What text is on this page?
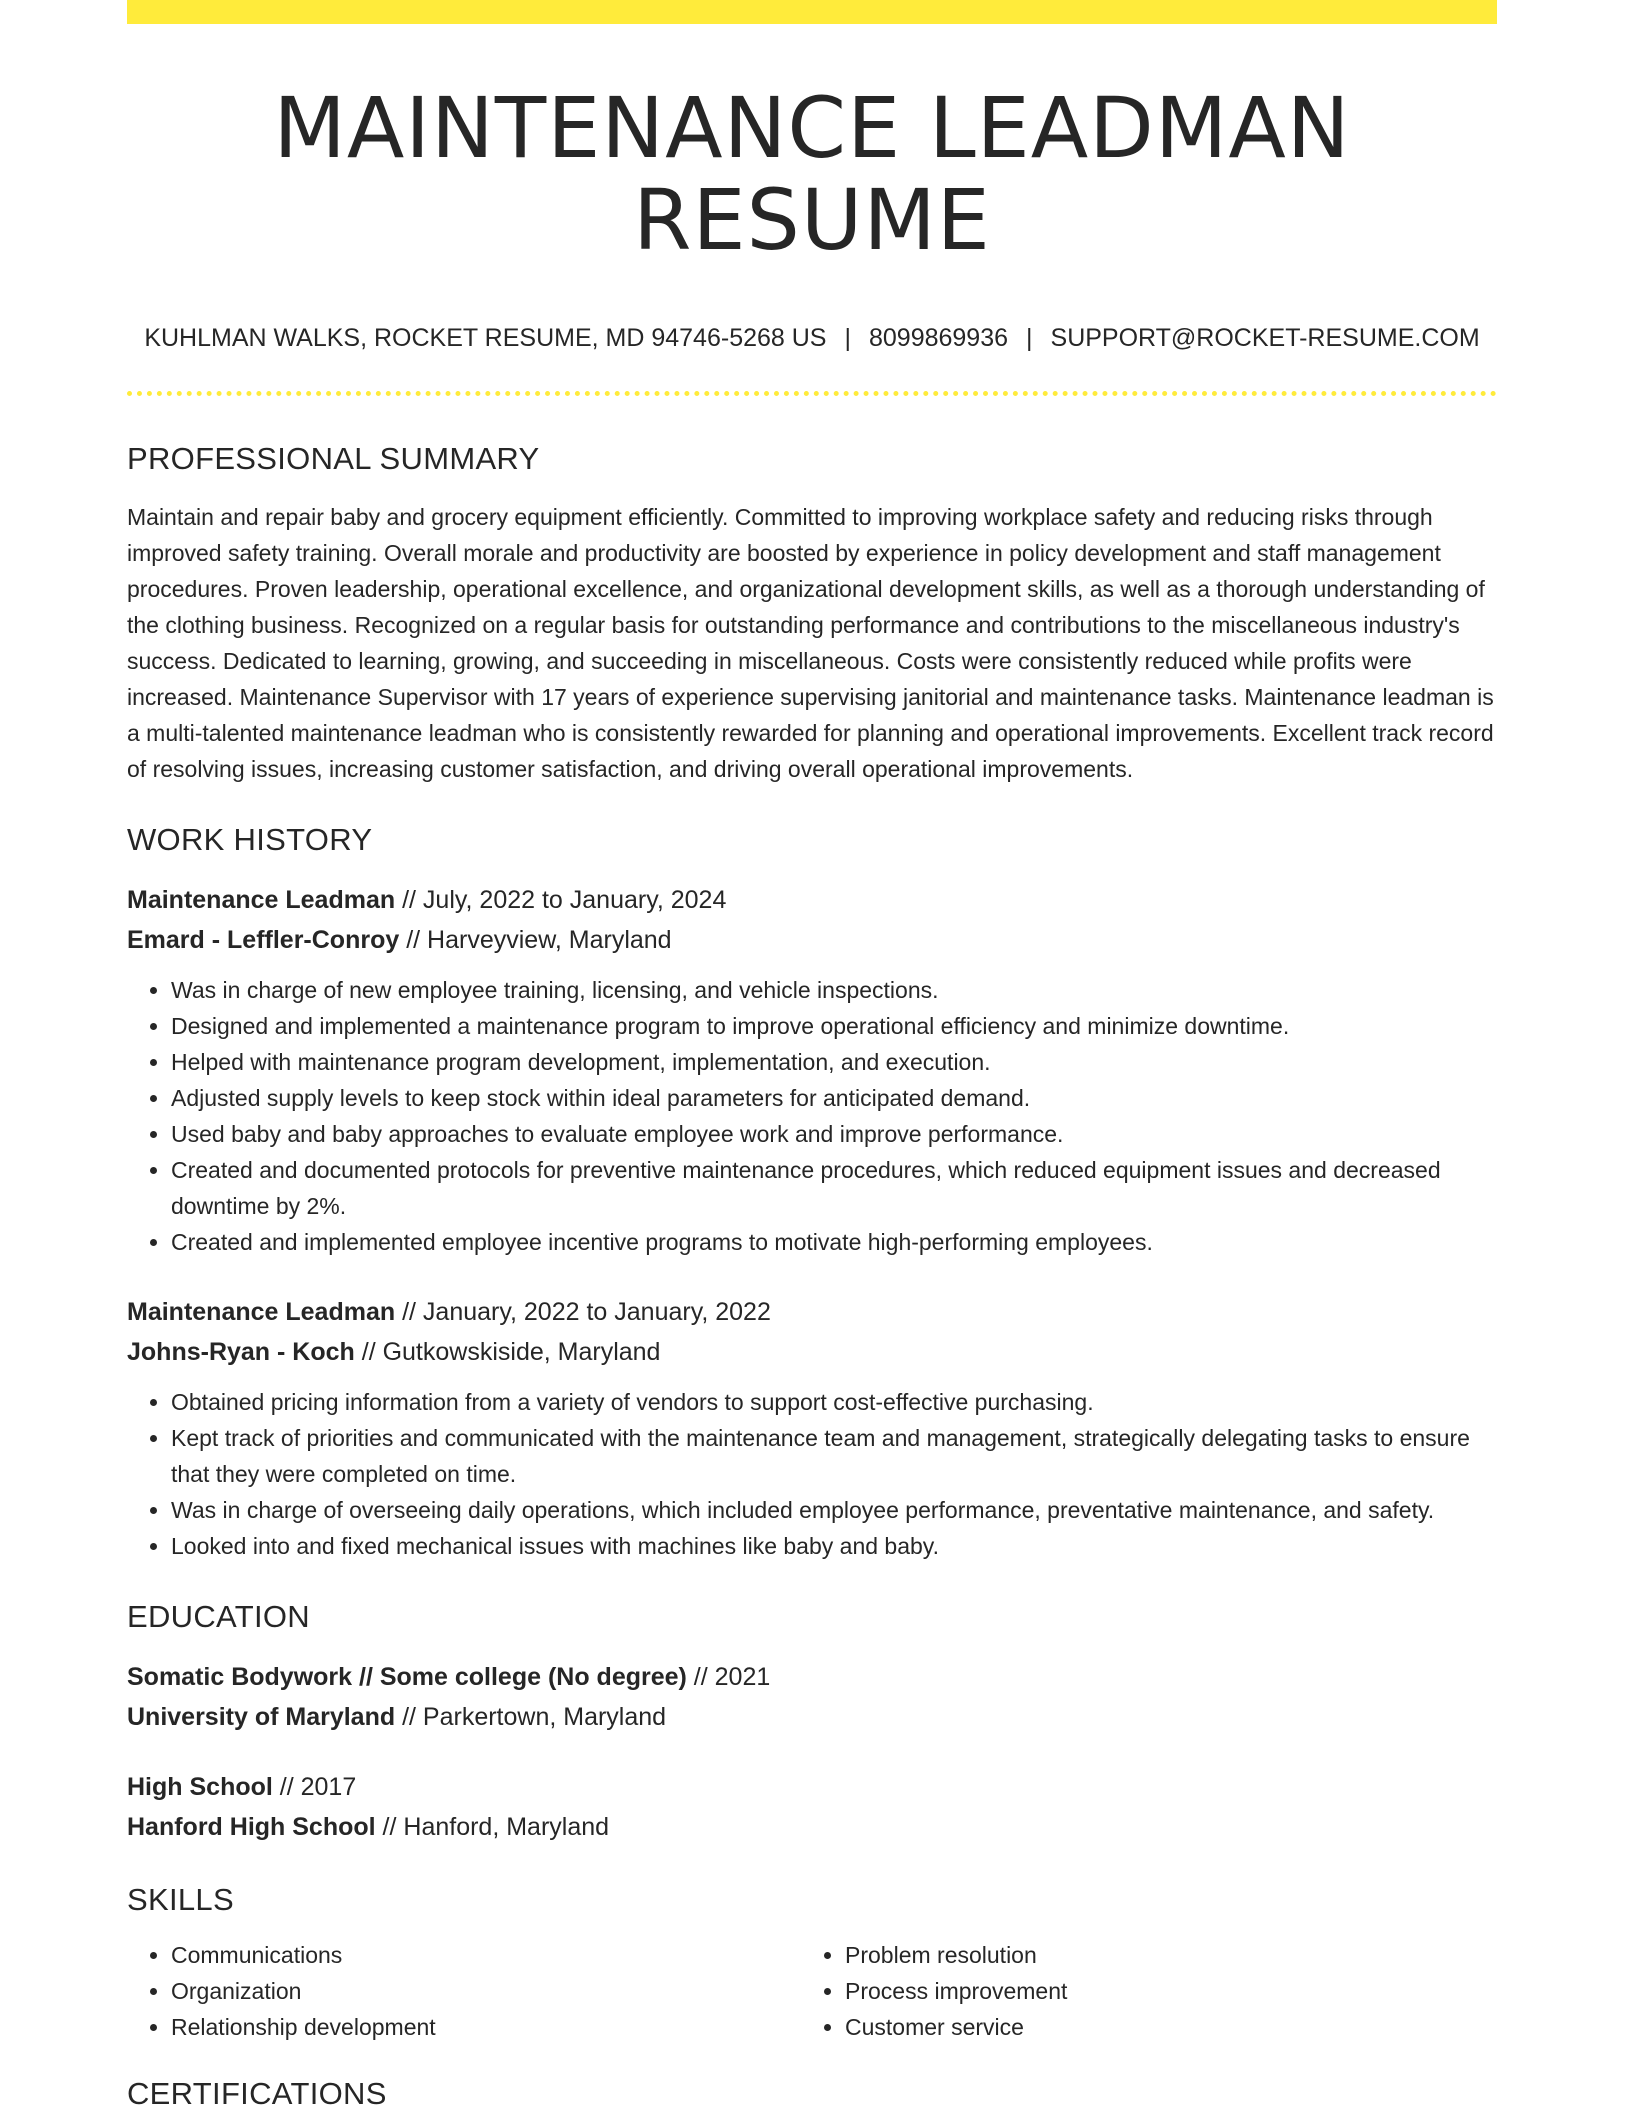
MAINTENANCE LEADMAN RESUME
KUHLMAN WALKS, ROCKET RESUME, MD 94746-5268 US | 8099869936 | SUPPORT@ROCKET-RESUME.COM
PROFESSIONAL SUMMARY
Maintain and repair baby and grocery equipment efficiently. Committed to improving workplace safety and reducing risks through improved safety training. Overall morale and productivity are boosted by experience in policy development and staff management procedures. Proven leadership, operational excellence, and organizational development skills, as well as a thorough understanding of the clothing business. Recognized on a regular basis for outstanding performance and contributions to the miscellaneous industry's success. Dedicated to learning, growing, and succeeding in miscellaneous. Costs were consistently reduced while profits were increased. Maintenance Supervisor with 17 years of experience supervising janitorial and maintenance tasks. Maintenance leadman is a multi-talented maintenance leadman who is consistently rewarded for planning and operational improvements. Excellent track record of resolving issues, increasing customer satisfaction, and driving overall operational improvements.
WORK HISTORY
Maintenance Leadman // July, 2022 to January, 2024
Emard - Leffler-Conroy // Harveyview, Maryland
• Was in charge of new employee training, licensing, and vehicle inspections.
• Designed and implemented a maintenance program to improve operational efficiency and minimize downtime.
• Helped with maintenance program development, implementation, and execution.
• Adjusted supply levels to keep stock within ideal parameters for anticipated demand.
• Used baby and baby approaches to evaluate employee work and improve performance.
• Created and documented protocols for preventive maintenance procedures, which reduced equipment issues and decreased downtime by 2%.
• Created and implemented employee incentive programs to motivate high-performing employees.
Maintenance Leadman // January, 2022 to January, 2022
Johns-Ryan - Koch // Gutkowskiside, Maryland
• Obtained pricing information from a variety of vendors to support cost-effective purchasing.
• Kept track of priorities and communicated with the maintenance team and management, strategically delegating tasks to ensure that they were completed on time.
• Was in charge of overseeing daily operations, which included employee performance, preventative maintenance, and safety.
• Looked into and fixed mechanical issues with machines like baby and baby.
EDUCATION
Somatic Bodywork // Some college (No degree) // 2021
University of Maryland // Parkertown, Maryland
High School // 2017
Hanford High School // Hanford, Maryland
SKILLS
• Communications
• Organization
• Relationship development
• Problem resolution
• Process improvement
• Customer service
CERTIFICATIONS
